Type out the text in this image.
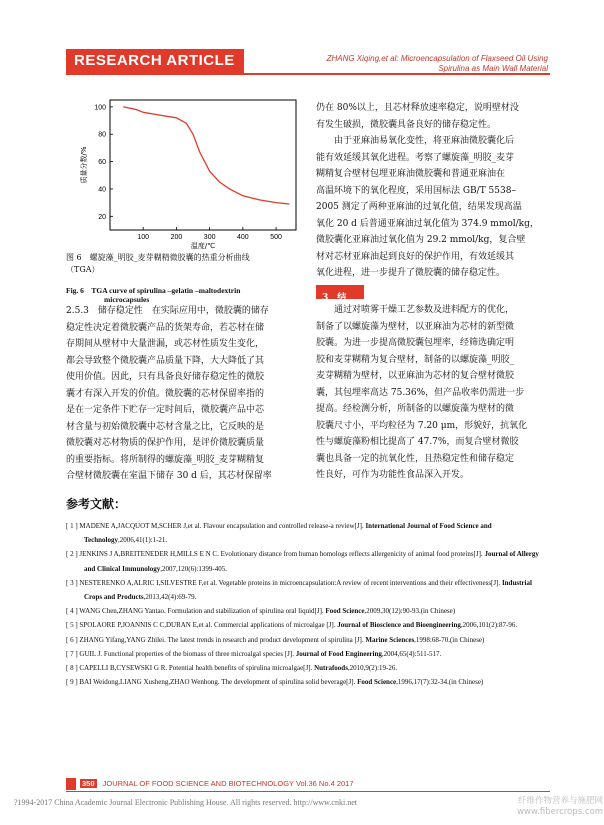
RESEARCH ARTICLE	ZHANG Xiqing,et al: Microencapsulation of Flaxseed Oil Using
Spirulina as Main Wall Material
100
80
60
40
20
100	200	300	400	500
温度/℃
质量分数/%
图 6　螺旋藻_明胶_麦芽糊精微胶囊的热重分析曲线
（TGA）
Fig. 6　TGA curve of spirulina –gelatin –maltodextrin
microcapsules
2.5.3　储存稳定性　在实际应用中，微胶囊的储存
稳定性决定着微胶囊产品的货架寿命，若芯材在储
存期间从壁材中大量泄漏，或芯材性质发生变化，
都会导致整个微胶囊产品质量下降，大大降低了其
使用价值。因此，只有具备良好储存稳定性的微胶
囊才有深入开发的价值。微胶囊的芯材保留率指的
是在一定条件下贮存一定时间后，微胶囊产品中芯
材含量与初始微胶囊中芯材含量之比，它反映的是
微胶囊对芯材物质的保护作用，是评价微胶囊质量
的重要指标。将所制得的螺旋藻_明胶_麦芽糊精复
合壁材微胶囊在室温下储存 30 d 后，其芯材保留率
仍在 80%以上，且芯材释放速率稳定，说明壁材没
有发生破损，微胶囊具备良好的储存稳定性。
　　由于亚麻油易氧化变性，将亚麻油微胶囊化后
能有效延缓其氧化进程。考察了螺旋藻_明胶_麦芽
糊精复合壁材包埋亚麻油微胶囊和普通亚麻油在
高温环境下的氧化程度，采用国标法 GB/T 5538–
2005 测定了两种亚麻油的过氧化值，结果发现高温
氧化 20 d 后普通亚麻油过氧化值为 374.9 mmol/kg，
微胶囊化亚麻油过氧化值为 29.2 mmol/kg，复合壁
材对芯材亚麻油起到良好的保护作用，有效延缓其
氧化进程，进一步提升了微胶囊的储存稳定性。
3　结　论
　　通过对喷雾干燥工艺参数及进料配方的优化，
制备了以螺旋藻为壁材，以亚麻油为芯材的新型微
胶囊。为进一步提高微胶囊包埋率，经筛选确定明
胶和麦芽糊精为复合壁材，制备的以螺旋藻_明胶_
麦芽糊精为壁材，以亚麻油为芯材的复合壁材微胶
囊，其包埋率高达 75.36%，但产品收率仍需进一步
提高。经检测分析，所制备的以螺旋藻为壁材的微
胶囊尺寸小，平均粒径为 7.20 μm，形貌好，抗氧化
性与螺旋藻粉相比提高了 47.7%，而复合壁材微胶
囊也具备一定的抗氧化性，且热稳定性和储存稳定
性良好，可作为功能性食品深入开发。
参考文献：
[ 1 ] MADENE A,JACQUOT M,SCHER J,et al. Flavour encapsulation and controlled release-a review[J]. International Journal of Food Science and Technology,2006,41(1):1-21.
[ 2 ] JENKINS J A,BREITENEDER H,MILLS E N C. Evolutionary distance from human homologs reflects allergenicity of animal food proteins[J]. Journal of Allergy and Clinical Immunology,2007,120(6):1399-405.
[ 3 ] NESTERENKO A,ALRIC I,SILVESTRE F,et al. Vegetable proteins in microencapsulation:A review of recent interventions and their effectiveness[J]. Industrial Crops and Products,2013,42(4):69-79.
[ 4 ] WANG Chen,ZHANG Yantao. Formulation and stabilization of spirulina oral liquid[J]. Food Science,2009,30(12):90-93.(in Chinese)
[ 5 ] SPOLAORE P,JOANNIS C C,DURAN E,et al. Commercial applications of microalgae [J]. Journal of Bioscience and Bioengineering,2006,101(2):87-96.
[ 6 ] ZHANG Yifang,YANG Zhilei. The latest trends in research and product development of spirulina [J]. Marine Sciences,1998:68-70.(in Chinese)
[ 7 ] GUIL J. Functional properties of the biomass of three microalgal species [J]. Journal of Food Engineering,2004,65(4):511-517.
[ 8 ] CAPELLI B,CYSEWSKI G R. Potential health benefits of spirulina microalgae[J]. Nutrafoods,2010,9(2):19-26.
[ 9 ] BAI Weidong,LIANG Xusheng,ZHAO Wenhong. The development of spirulina solid beverage[J]. Food Science,1996,17(7):32-34.(in Chinese)
350 JOURNAL OF FOOD SCIENCE AND BIOTECHNOLOGY Vol.36 No.4 2017
?1994-2017 China Academic Journal Electronic Publishing House. All rights reserved. http://www.cnki.net	纤维作物营养与施肥网
www.fibercrops.com
